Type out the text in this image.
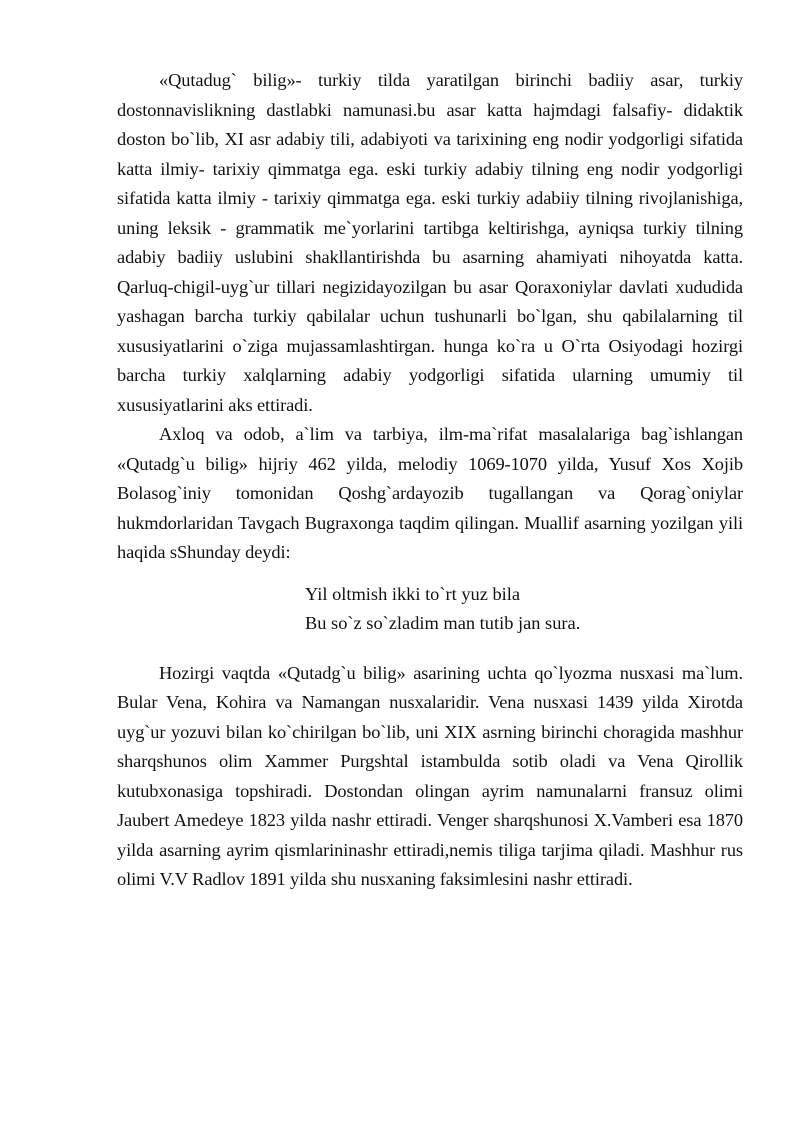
«Qutadug` bilig»- turkiy tilda yaratilgan birinchi badiiy asar, turkiy dostonnavislikning dastlabki namunasi.bu asar katta hajmdagi falsafiy- didaktik doston bo`lib, XI asr adabiy tili, adabiyoti va tarixining eng nodir yodgorligi sifatida katta ilmiy- tarixiy qimmatga ega. eski turkiy adabiy tilning eng nodir yodgorligi sifatida katta ilmiy - tarixiy qimmatga ega. eski turkiy adabiiy tilning rivojlanishiga, uning leksik - grammatik me`yorlarini tartibga keltirishga, ayniqsa turkiy tilning adabiy badiiy uslubini shakllantirishda bu asarning ahamiyati nihoyatda katta. Qarluq-chigil-uyg`ur tillari negizidayozilgan bu asar Qoraxoniylar davlati xududida yashagan barcha turkiy qabilalar uchun tushunarli bo`lgan, shu qabilalarning til xususiyatlarini o`ziga mujassamlashtirgan. hunga ko`ra u O`rta Osiyodagi hozirgi barcha turkiy xalqlarning adabiy yodgorligi sifatida ularning umumiy til xususiyatlarini aks ettiradi.

Axloq va odob, a`lim va tarbiya, ilm-ma`rifat masalalariga bag`ishlangan «Qutadg`u bilig» hijriy 462 yilda, melodiy 1069-1070 yilda, Yusuf Xos Xojib Bolasog`iniy tomonidan Qoshg`ardayozib tugallangan va Qorag`oniylar hukmdorlaridan Tavgach Bugraxonga taqdim qilingan. Muallif asarning yozilgan yili haqida sShunday deydi:

Yil oltmish ikki to`rt yuz bila
Bu so`z so`zladim man tutib jan sura.

Hozirgi vaqtda «Qutadg`u bilig» asarining uchta qo`lyozma nusxasi ma`lum. Bular Vena, Kohira va Namangan nusxalaridir. Vena nusxasi 1439 yilda Xirotda uyg`ur yozuvi bilan ko`chirilgan bo`lib, uni XIX asrning birinchi choragida mashhur sharqshunos olim Xammer Purgshtal istambulda sotib oladi va Vena Qirollik kutubxonasiga topshiradi. Dostondan olingan ayrim namunalarni fransuz olimi Jaubert Amedeye 1823 yilda nashr ettiradi. Venger sharqshunosi X.Vamberi esa 1870 yilda asarning ayrim qismlarininashr ettiradi,nemis tiliga tarjima qiladi. Mashhur rus olimi V.V Radlov 1891 yilda shu nusxaning faksimlesini nashr ettiradi.
